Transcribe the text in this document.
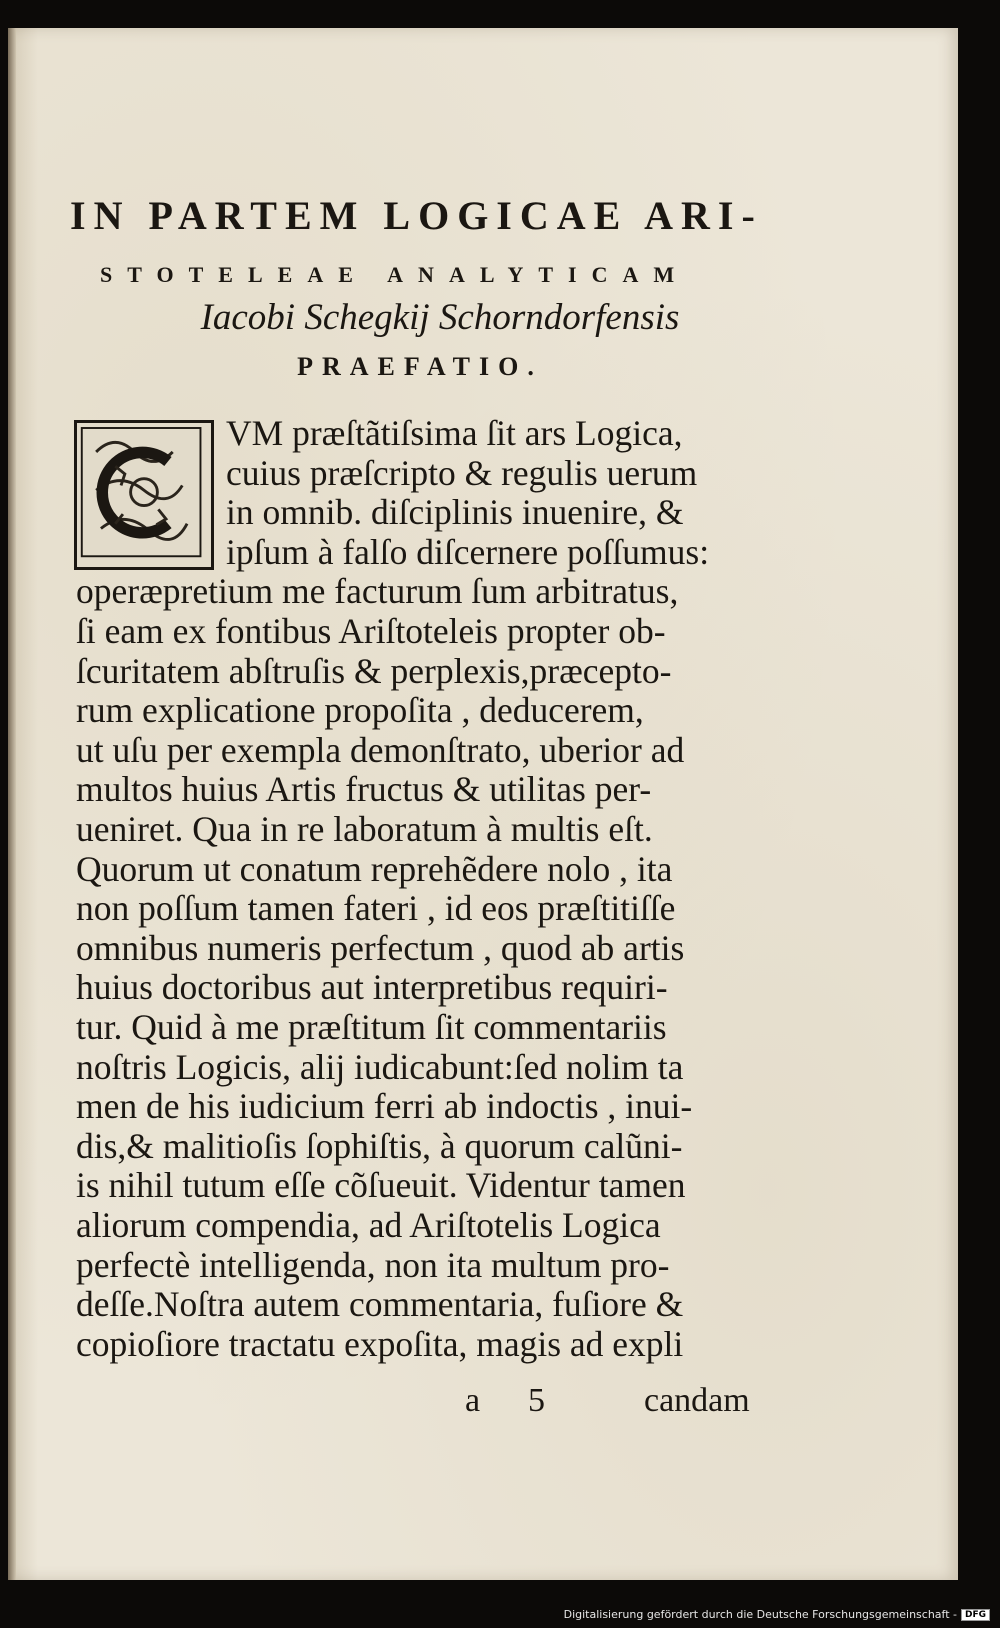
IN PARTEM LOGICAE ARI-
STOTELEAE ANALYTICAM
Iacobi Schegkij Schorndorfensis
PRAEFATIO.
VM præſtãtiſsima ſit ars Logica,
cuius præſcripto & regulis uerum
in omnib. diſciplinis inuenire, &
ipſum à falſo diſcernere poſſumus:
operæpretium me facturum ſum arbitratus,
ſi eam ex fontibus Ariſtoteleis propter ob-
ſcuritatem abſtruſis & perplexis,præcepto-
rum explicatione propoſita , deducerem,
ut uſu per exempla demonſtrato, uberior ad
multos huius Artis fructus & utilitas per-
ueniret. Qua in re laboratum à multis eſt.
Quorum ut conatum reprehẽdere nolo , ita
non poſſum tamen fateri , id eos præſtitiſſe
omnibus numeris perfectum , quod ab artis
huius doctoribus aut interpretibus requiri-
tur. Quid à me præſtitum ſit commentariis
noſtris Logicis, alij iudicabunt:ſed nolim ta
men de his iudicium ferri ab indoctis , inui-
dis,& malitioſis ſophiſtis, à quorum calũni-
is nihil tutum eſſe cõſueuit. Videntur tamen
aliorum compendia, ad Ariſtotelis Logica
perfectè intelligenda, non ita multum pro-
deſſe.Noſtra autem commentaria, fuſiore &
copioſiore tractatu expoſita, magis ad expli
a 5	candam
Digitalisierung gefördert durch die Deutsche Forschungsgemeinschaft - DFG
